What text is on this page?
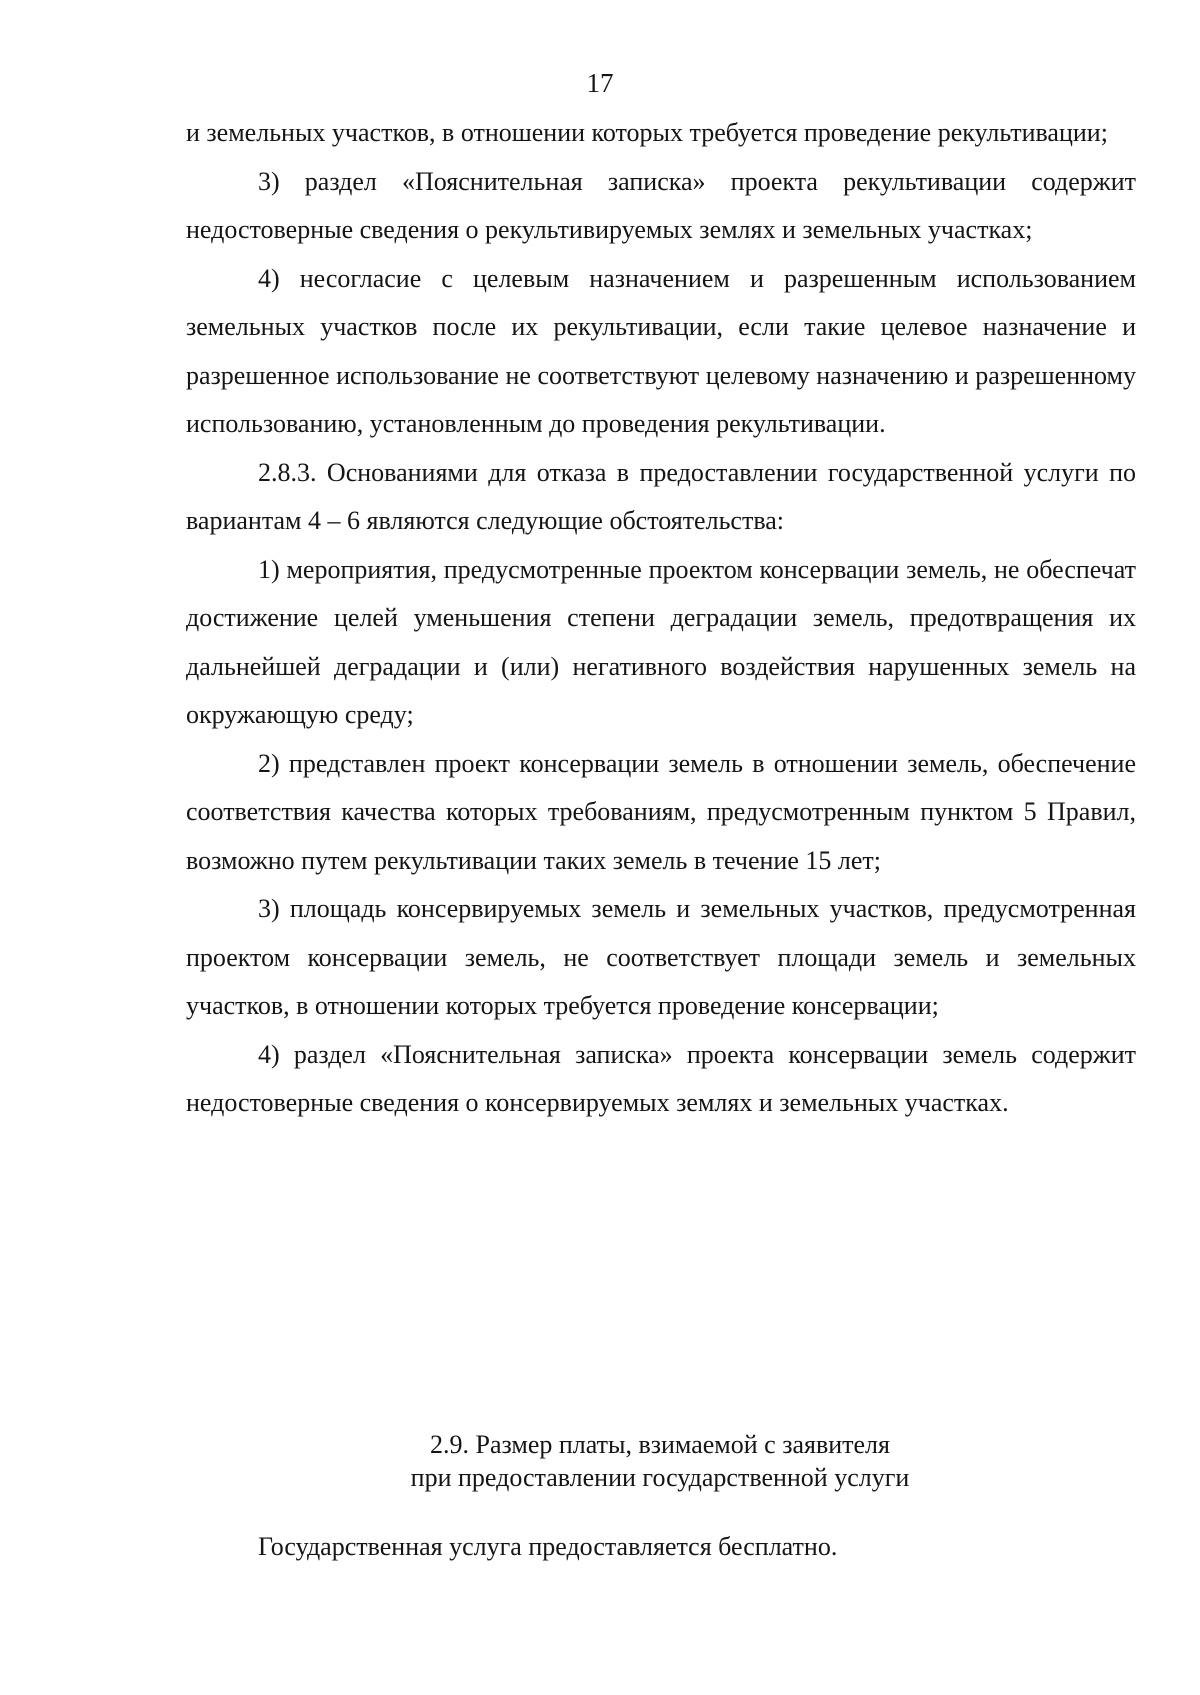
17

и земельных участков, в отношении которых требуется проведение рекультивации;

3) раздел «Пояснительная записка» проекта рекультивации содержит недостоверные сведения о рекультивируемых землях и земельных участках;

4) несогласие с целевым назначением и разрешенным использованием земельных участков после их рекультивации, если такие целевое назначение и разрешенное использование не соответствуют целевому назначению и разрешенному использованию, установленным до проведения рекультивации.

2.8.3. Основаниями для отказа в предоставлении государственной услуги по вариантам 4 – 6 являются следующие обстоятельства:

1) мероприятия, предусмотренные проектом консервации земель, не обеспечат достижение целей уменьшения степени деградации земель, предотвращения их дальнейшей деградации и (или) негативного воздействия нарушенных земель на окружающую среду;

2) представлен проект консервации земель в отношении земель, обеспечение соответствия качества которых требованиям, предусмотренным пунктом 5 Правил, возможно путем рекультивации таких земель в течение 15 лет;

3) площадь консервируемых земель и земельных участков, предусмотренная проектом консервации земель, не соответствует площади земель и земельных участков, в отношении которых требуется проведение консервации;

4) раздел «Пояснительная записка» проекта консервации земель содержит недостоверные сведения о консервируемых землях и земельных участках.

2.9. Размер платы, взимаемой с заявителя
при предоставлении государственной услуги
Государственная услуга предоставляется бесплатно.
